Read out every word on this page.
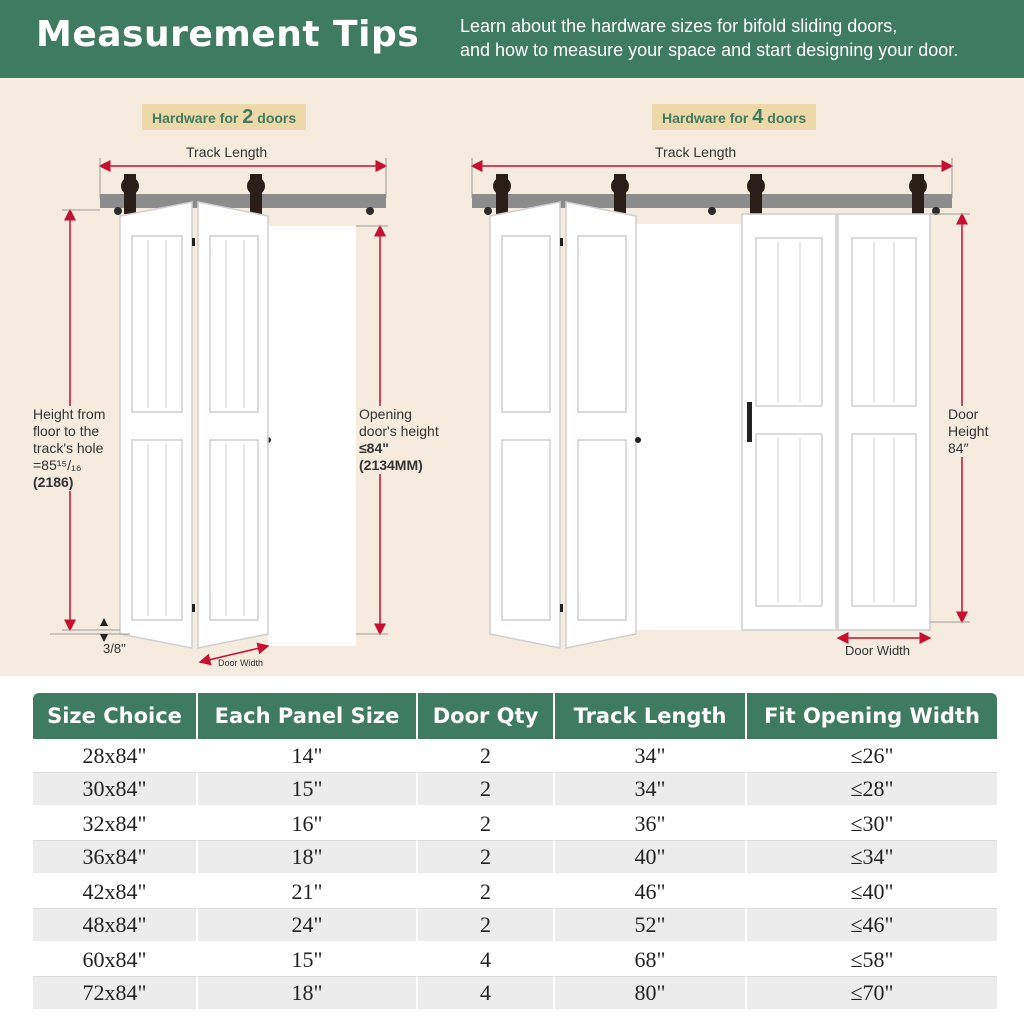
Measurement Tips Learn about the hardware sizes for bifold sliding doors,
and how to measure your space and start designing your door.
Hardware for 2 doors
Track Length
Height from
floor to the
track's hole
=85¹⁵/₁₆
(2186)
Opening
door's height
≤84"
(2134MM)
3/8"
Door Width
Hardware for 4 doors
Track Length
Door
Height
84″
Door Width
Size Choice	Each Panel Size	Door Qty	Track Length	Fit Opening Width
28x84"	14"	2	34"	≤26"
30x84"	15"	2	34"	≤28"
32x84"	16"	2	36"	≤30"
36x84"	18"	2	40"	≤34"
42x84"	21"	2	46"	≤40"
48x84"	24"	2	52"	≤46"
60x84"	15"	4	68"	≤58"
72x84"	18"	4	80"	≤70"
